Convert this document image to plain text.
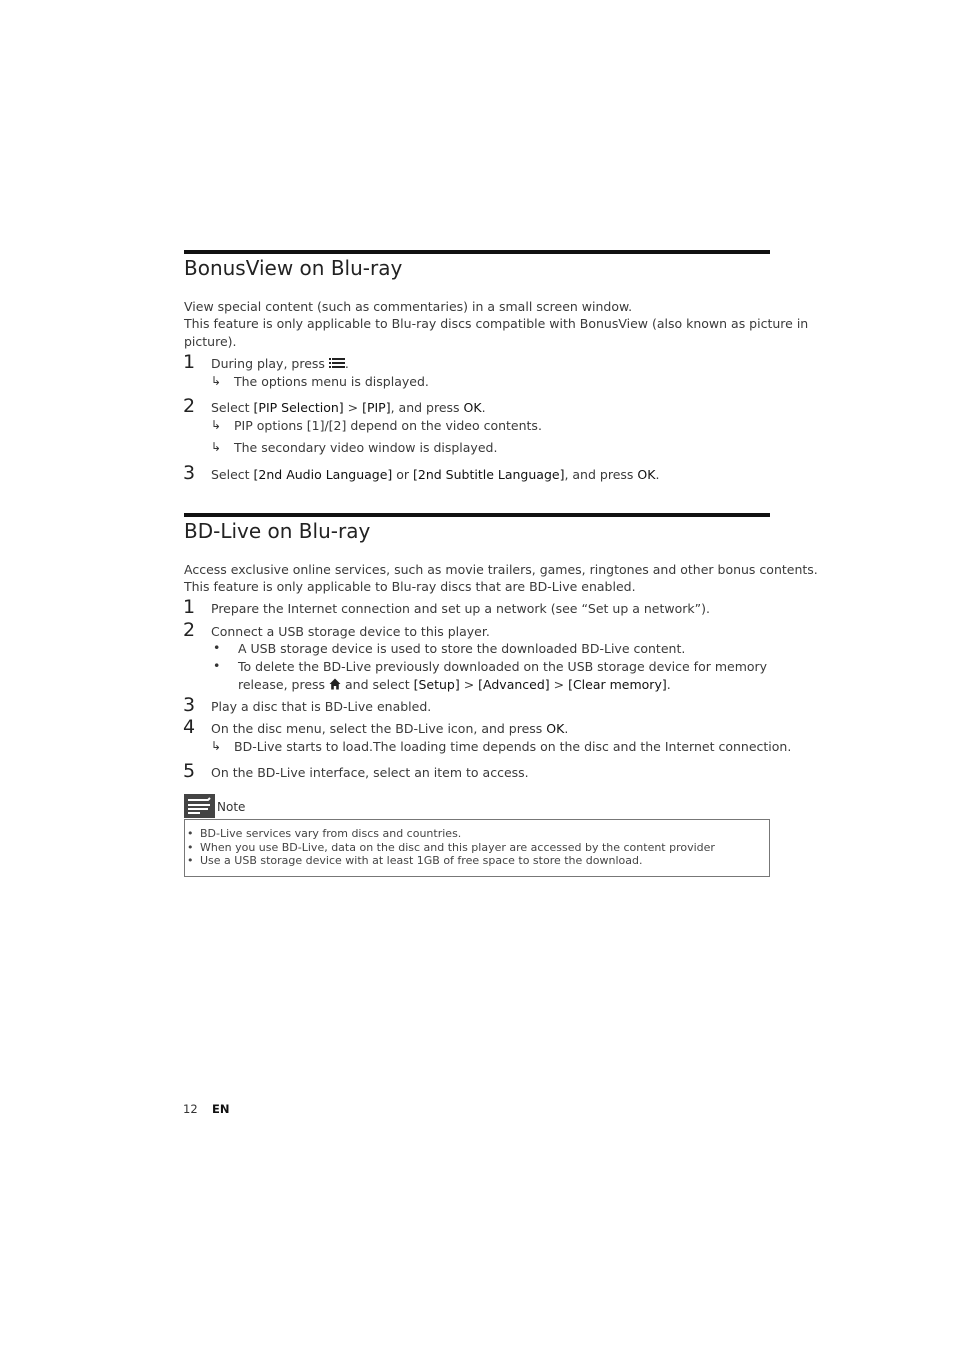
BonusView on Blu-ray
View special content (such as commentaries) in a small screen window.
This feature is only applicable to Blu-ray discs compatible with BonusView (also known as picture in
picture).
1 During play, press .
↳ The options menu is displayed.
2 Select [PIP Selection] > [PIP], and press OK.
↳ PIP options [1]/[2] depend on the video contents.
↳ The secondary video window is displayed.
3 Select [2nd Audio Language] or [2nd Subtitle Language], and press OK.
BD-Live on Blu-ray
Access exclusive online services, such as movie trailers, games, ringtones and other bonus contents.
This feature is only applicable to Blu-ray discs that are BD-Live enabled.
1 Prepare the Internet connection and set up a network (see “Set up a network”).
2 Connect a USB storage device to this player.
• A USB storage device is used to store the downloaded BD-Live content.
• To delete the BD-Live previously downloaded on the USB storage device for memory
release, press  and select [Setup] > [Advanced] > [Clear memory].
3 Play a disc that is BD-Live enabled.
4 On the disc menu, select the BD-Live icon, and press OK.
↳ BD-Live starts to load.The loading time depends on the disc and the Internet connection.
5 On the BD-Live interface, select an item to access.
Note
• BD-Live services vary from discs and countries.
• When you use BD-Live, data on the disc and this player are accessed by the content provider
• Use a USB storage device with at least 1GB of free space to store the download.
12 EN
